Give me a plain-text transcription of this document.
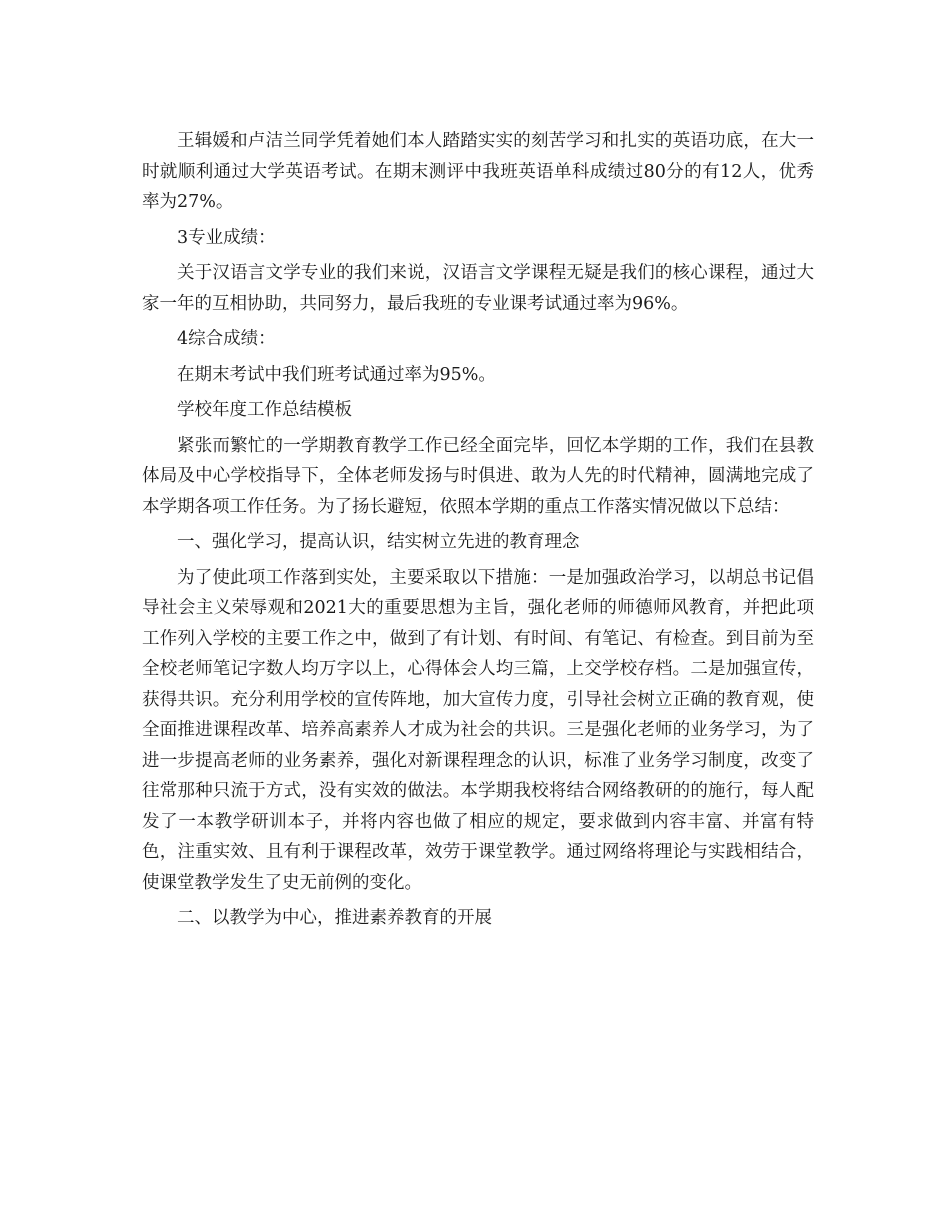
王辑媛和卢洁兰同学凭着她们本人踏踏实实的刻苦学习和扎实的英语功底，在大一时就顺利通过大学英语考试。在期末测评中我班英语单科成绩过80分的有12人，优秀率为27%。

3专业成绩：

关于汉语言文学专业的我们来说，汉语言文学课程无疑是我们的核心课程，通过大家一年的互相协助，共同努力，最后我班的专业课考试通过率为96%。

4综合成绩：

在期末考试中我们班考试通过率为95%。

学校年度工作总结模板

紧张而繁忙的一学期教育教学工作已经全面完毕，回忆本学期的工作，我们在县教体局及中心学校指导下，全体老师发扬与时俱进、敢为人先的时代精神，圆满地完成了本学期各项工作任务。为了扬长避短，依照本学期的重点工作落实情况做以下总结：

一、强化学习，提高认识，结实树立先进的教育理念

为了使此项工作落到实处，主要采取以下措施：一是加强政治学习，以胡总书记倡导社会主义荣辱观和2021大的重要思想为主旨，强化老师的师德师风教育，并把此项工作列入学校的主要工作之中，做到了有计划、有时间、有笔记、有检查。到目前为至全校老师笔记字数人均万字以上，心得体会人均三篇，上交学校存档。二是加强宣传，获得共识。充分利用学校的宣传阵地，加大宣传力度，引导社会树立正确的教育观，使全面推进课程改革、培养高素养人才成为社会的共识。三是强化老师的业务学习，为了进一步提高老师的业务素养，强化对新课程理念的认识，标准了业务学习制度，改变了往常那种只流于方式，没有实效的做法。本学期我校将结合网络教研的的施行，每人配发了一本教学研训本子，并将内容也做了相应的规定，要求做到内容丰富、并富有特色，注重实效、且有利于课程改革，效劳于课堂教学。通过网络将理论与实践相结合，使课堂教学发生了史无前例的变化。

二、以教学为中心，推进素养教育的开展
